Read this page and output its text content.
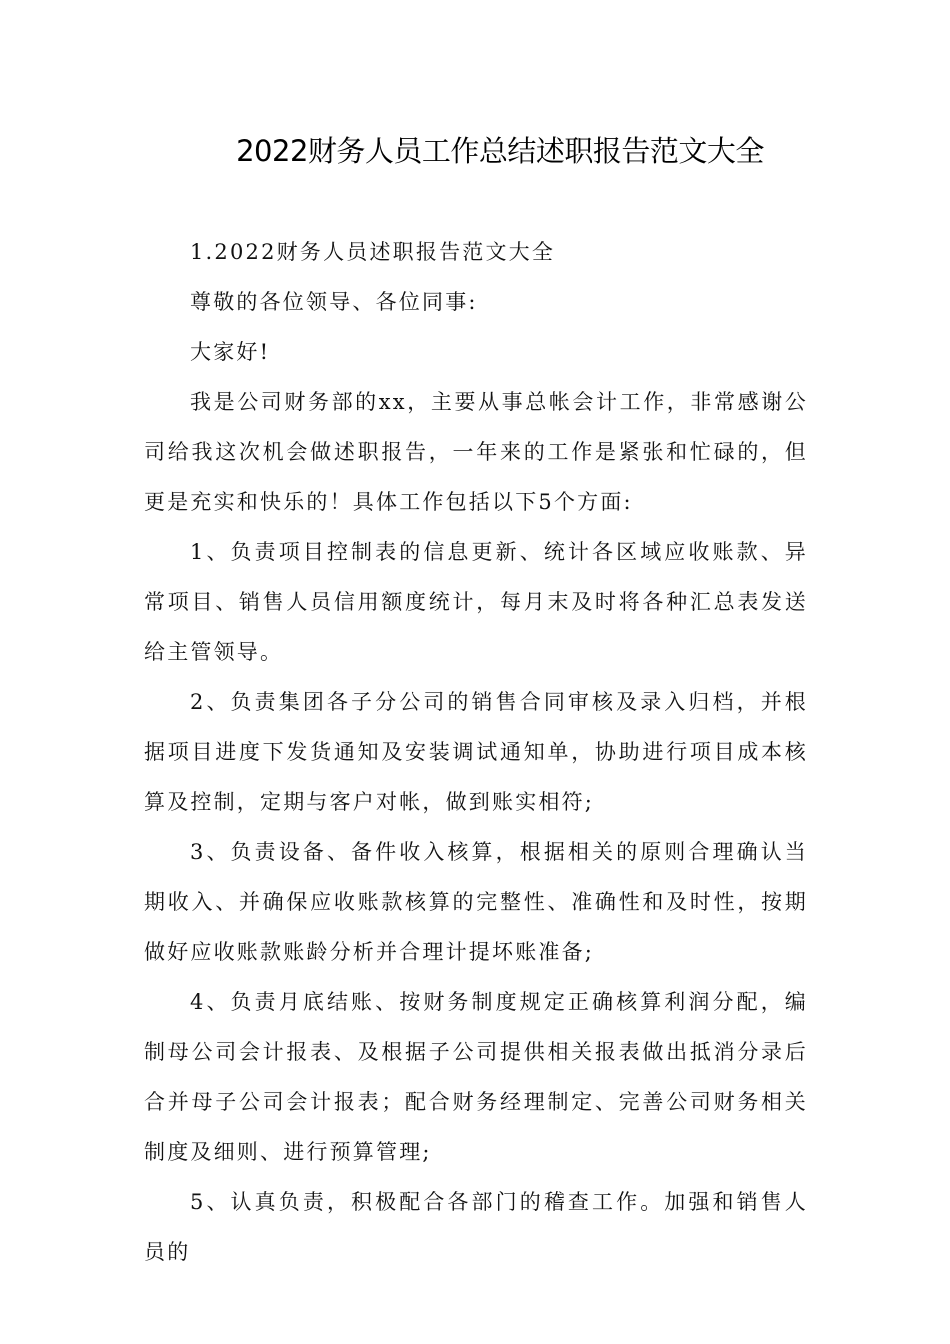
2022财务人员工作总结述职报告范文大全

1.2022财务人员述职报告范文大全

尊敬的各位领导、各位同事:

大家好!

我是公司财务部的xx，主要从事总帐会计工作，非常感谢公司给我这次机会做述职报告，一年来的工作是紧张和忙碌的，但更是充实和快乐的！具体工作包括以下5个方面:

1、负责项目控制表的信息更新、统计各区域应收账款、异常项目、销售人员信用额度统计，每月末及时将各种汇总表发送给主管领导。

2、负责集团各子分公司的销售合同审核及录入归档，并根据项目进度下发货通知及安装调试通知单，协助进行项目成本核算及控制，定期与客户对帐，做到账实相符;

3、负责设备、备件收入核算，根据相关的原则合理确认当期收入、并确保应收账款核算的完整性、准确性和及时性，按期做好应收账款账龄分析并合理计提坏账准备;

4、负责月底结账、按财务制度规定正确核算利润分配，编制母公司会计报表、及根据子公司提供相关报表做出抵消分录后合并母子公司会计报表；配合财务经理制定、完善公司财务相关制度及细则、进行预算管理;

5、认真负责，积极配合各部门的稽查工作。加强和销售人员的
